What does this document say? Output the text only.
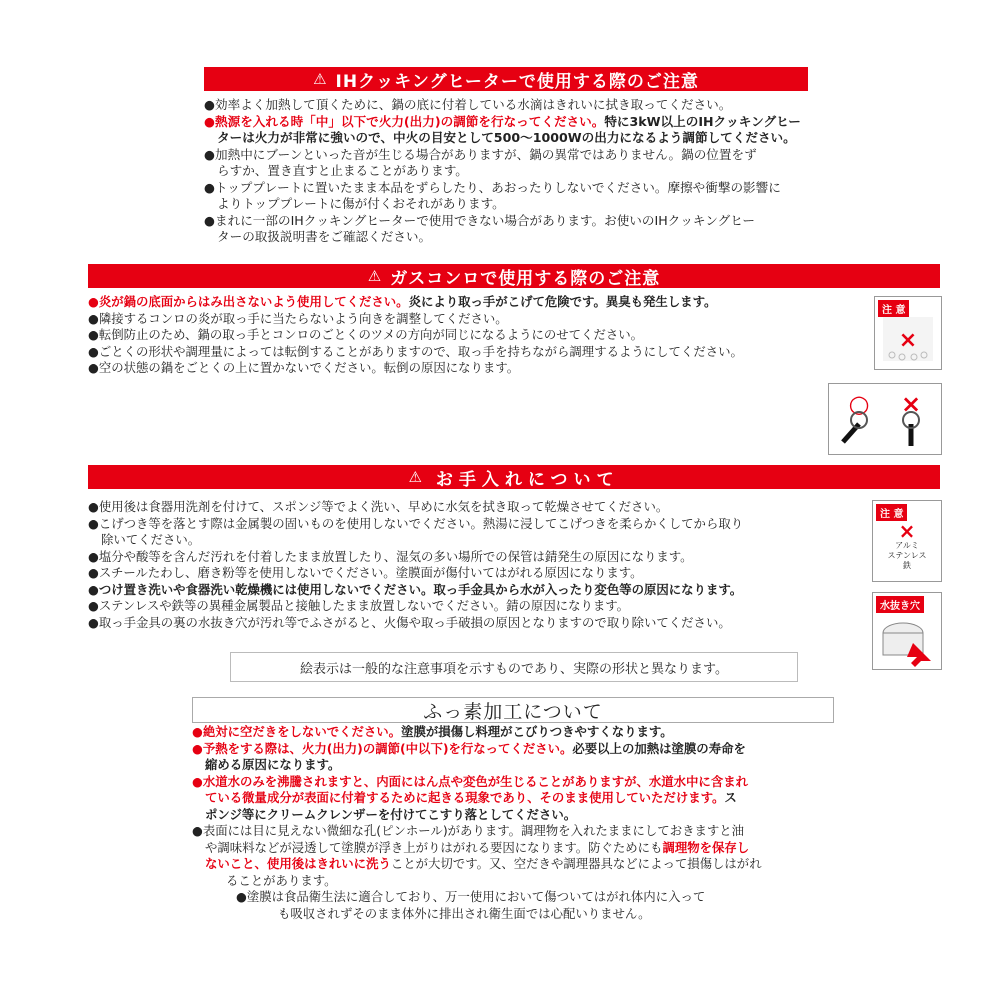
⚠ IHクッキングヒーターで使用する際のご注意
●効率よく加熱して頂くために、鍋の底に付着している水滴はきれいに拭き取ってください。
●熱源を入れる時「中」以下で火力(出力)の調節を行なってください。特に3kW以上のIHクッキングヒー
ターは火力が非常に強いので、中火の目安として500～1000Wの出力になるよう調節してください。
●加熱中にブーンといった音が生じる場合がありますが、鍋の異常ではありません。鍋の位置をず
らすか、置き直すと止まることがあります。
●トッププレートに置いたまま本品をずらしたり、あおったりしないでください。摩擦や衝撃の影響に
よりトッププレートに傷が付くおそれがあります。
●まれに一部のIHクッキングヒーターで使用できない場合があります。お使いのIHクッキングヒー
ターの取扱説明書をご確認ください。
⚠ ガスコンロで使用する際のご注意
●炎が鍋の底面からはみ出さないよう使用してください。炎により取っ手がこげて危険です。異臭も発生します。
●隣接するコンロの炎が取っ手に当たらないよう向きを調整してください。
●転倒防止のため、鍋の取っ手とコンロのごとくのツメの方向が同じになるようにのせてください。
●ごとくの形状や調理量によっては転倒することがありますので、取っ手を持ちながら調理するようにしてください。
●空の状態の鍋をごとくの上に置かないでください。転倒の原因になります。
注 意
×
○ ×
⚠ お手入れについて
●使用後は食器用洗剤を付けて、スポンジ等でよく洗い、早めに水気を拭き取って乾燥させてください。
●こげつき等を落とす際は金属製の固いものを使用しないでください。熱湯に浸してこげつきを柔らかくしてから取り
除いてください。
●塩分や酸等を含んだ汚れを付着したまま放置したり、湿気の多い場所での保管は錆発生の原因になります。
●スチールたわし、磨き粉等を使用しないでください。塗膜面が傷付いてはがれる原因になります。
●つけ置き洗いや食器洗い乾燥機には使用しないでください。取っ手金具から水が入ったり変色等の原因になります。
●ステンレスや鉄等の異種金属製品と接触したまま放置しないでください。錆の原因になります。
●取っ手金具の裏の水抜き穴が汚れ等でふさがると、火傷や取っ手破損の原因となりますので取り除いてください。
注 意
×
アルミ
ステンレス
鉄
水抜き穴
絵表示は一般的な注意事項を示すものであり、実際の形状と異なります。
ふっ素加工について
●絶対に空だきをしないでください。塗膜が損傷し料理がこびりつきやすくなります。
●予熱をする際は、火力(出力)の調節(中以下)を行なってください。必要以上の加熱は塗膜の寿命を
縮める原因になります。
●水道水のみを沸騰されますと、内面にはん点や変色が生じることがありますが、水道水中に含まれ
ている微量成分が表面に付着するために起きる現象であり、そのまま使用していただけます。ス
ポンジ等にクリームクレンザーを付けてこすり落としてください。
●表面には目に見えない微細な孔(ピンホール)があります。調理物を入れたままにしておきますと油
や調味料などが浸透して塗膜が浮き上がりはがれる要因になります。防ぐためにも調理物を保存し
ないこと、使用後はきれいに洗うことが大切です。又、空だきや調理器具などによって損傷しはがれ
ることがあります。
●塗膜は食品衛生法に適合しており、万一使用において傷ついてはがれ体内に入って
も吸収されずそのまま体外に排出され衛生面では心配いりません。
